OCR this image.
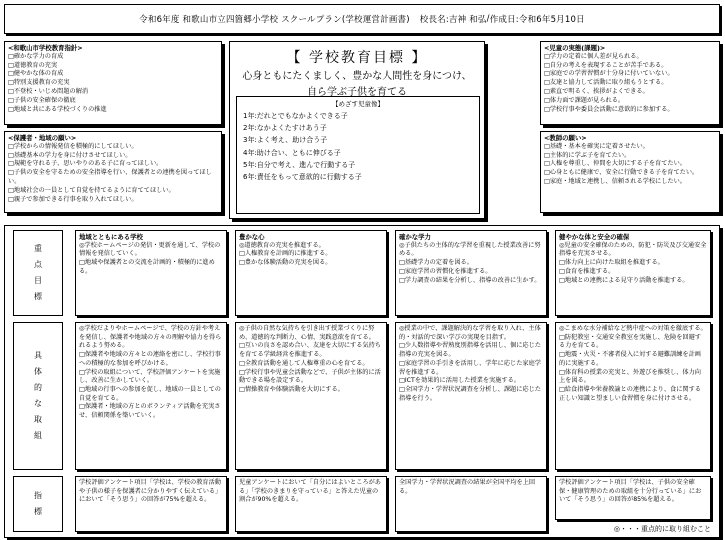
令和6年度 和歌山市立四箇郷小学校 スクールプラン(学校運営計画書) 校長名:吉神 和弘 / 作成日:令和6年5月10日
<和歌山市学校教育指針>
□確かな学力の育成
□道徳教育の充実
□健やかな体の育成
□特別支援教育の充実
□不登校・いじめ問題の解消
□子供の安全確保の徹底
□地域と共にある学校づくりの推進
<保護者・地域の願い>
□学校からの情報発信を積極的にしてほしい。
□基礎基本の学力を身に付けさせてほしい。
□規範を守れる子、思いやりのある子に育ってほしい。
□子供の安全を守るための安全指導を行い、保護者との連携を図ってほしい。
□地域社会の一員として自覚を持てるように育ててほしい。
□親子で参加できる行事を取り入れてほしい。
【 学校教育目標 】
心身ともにたくましく、豊かな人間性を身につけ、
自ら学ぶ子供を育てる
【めざす児童像】
1年:だれとでもなかよくできる子
2年:なかよくたすけあう子
3年:よく考え、助け合う子
4年:助け合い、ともに伸びる子
5年:自分で考え、進んで行動する子
6年:責任をもって意欲的に行動する子
<児童の実態(課題)>
□学力の定着に個人差が見られる。
□自分の考えを表現することが苦手である。
□家庭での学習習慣が十分身に付いていない。
□友達と協力して活動に取り組もうとする。
□素直で明るく、挨拶がよくできる。
□体力面で課題が見られる。
□学校行事や委員会活動に意欲的に参加する。
<教師の願い>
□基礎・基本を確実に定着させたい。
□主体的に学ぶ子を育てたい。
□人権を尊重し、仲間を大切にする子を育てたい。
□心身ともに健康で、安全に行動できる子を育てたい。
□家庭・地域と連携し、信頼される学校にしたい。
重
点
目
標
具
体
的
な
取
組
指
標
地域とともにある学校
◎学校ホームページの発信・更新を通して、学校の情報を発信していく。
□地域や保護者との交流を計画的・積極的に進める。
◎学校だよりやホームページで、学校の方針や考えを発信し、保護者や地域の方々の理解や協力を得られるよう努める。
□保護者や地域の方々との連絡を密にし、学校行事への積極的な参加を呼びかける。
□学校の取組について、学校評価アンケートを実施し、改善に生かしていく。
□地域の行事への参加を促し、地域の一員としての自覚を育てる。
□保護者・地域の方とのボランティア活動を充実させ、信頼関係を築いていく。
学校評価アンケート項目「学校は、学校の教育活動や子供の様子を保護者に分かりやすく伝えている」において「そう思う」の回答が75%を超える。
豊かな心
◎道徳教育の充実を推進する。
□人権教育を計画的に推進する。
□豊かな体験活動の充実を図る。
◎子供の自然な気持ちを引き出す授業づくりに努め、道徳的な判断力、心情、実践意欲を育てる。
□互いの良さを認め合い、友達を大切にする気持ちを育てる学級経営を推進する。
□全教育活動を通して人権尊重の心を育てる。
□学校行事や児童会活動などで、子供が主体的に活動できる場を設定する。
□情操教育や体験活動を大切にする。
児童アンケートにおいて「自分にはよいところがある」「学校のきまりを守っている」と答えた児童の割合が90%を超える。
確かな学力
◎子供たちの主体的な学習を重視した授業改善に努める。
□基礎学力の定着を図る。
□家庭学習の習慣化を推進する。
□学力調査の結果を分析し、指導の改善に生かす。
◎授業の中で、課題解決的な学習を取り入れ、主体的・対話的で深い学びの実現を目指す。
□少人数指導や習熟度別指導を活用し、個に応じた指導の充実を図る。
□家庭学習の手引きを活用し、学年に応じた家庭学習を推進する。
□ICTを効果的に活用した授業を実施する。
□全国学力・学習状況調査を分析し、課題に応じた指導を行う。
全国学力・学習状況調査の結果が全国平均を上回る。
健やかな体と安全の確保
◎児童の安全確保のための、防犯・防災及び交通安全指導を充実させる。
□体力向上に向けた取組を推進する。
□食育を推進する。
□地域との連携による見守り活動を推進する。
◎こまめな水分補給など熱中症への対策を徹底する。
□防犯教室・交通安全教室を実施し、危険を回避する力を育てる。
□地震・火災・不審者侵入に対する避難訓練を計画的に実施する。
□体育科の授業の充実と、外遊びを推奨し、体力向上を図る。
□給食指導や栄養教諭との連携により、食に関する正しい知識と望ましい食習慣を身に付けさせる。
学校評価アンケート項目「学校は、子供の安全確保・健康管理のための取組を十分行っている」において「そう思う」の回答が85%を超える。
◎・・・重点的に取り組むこと
